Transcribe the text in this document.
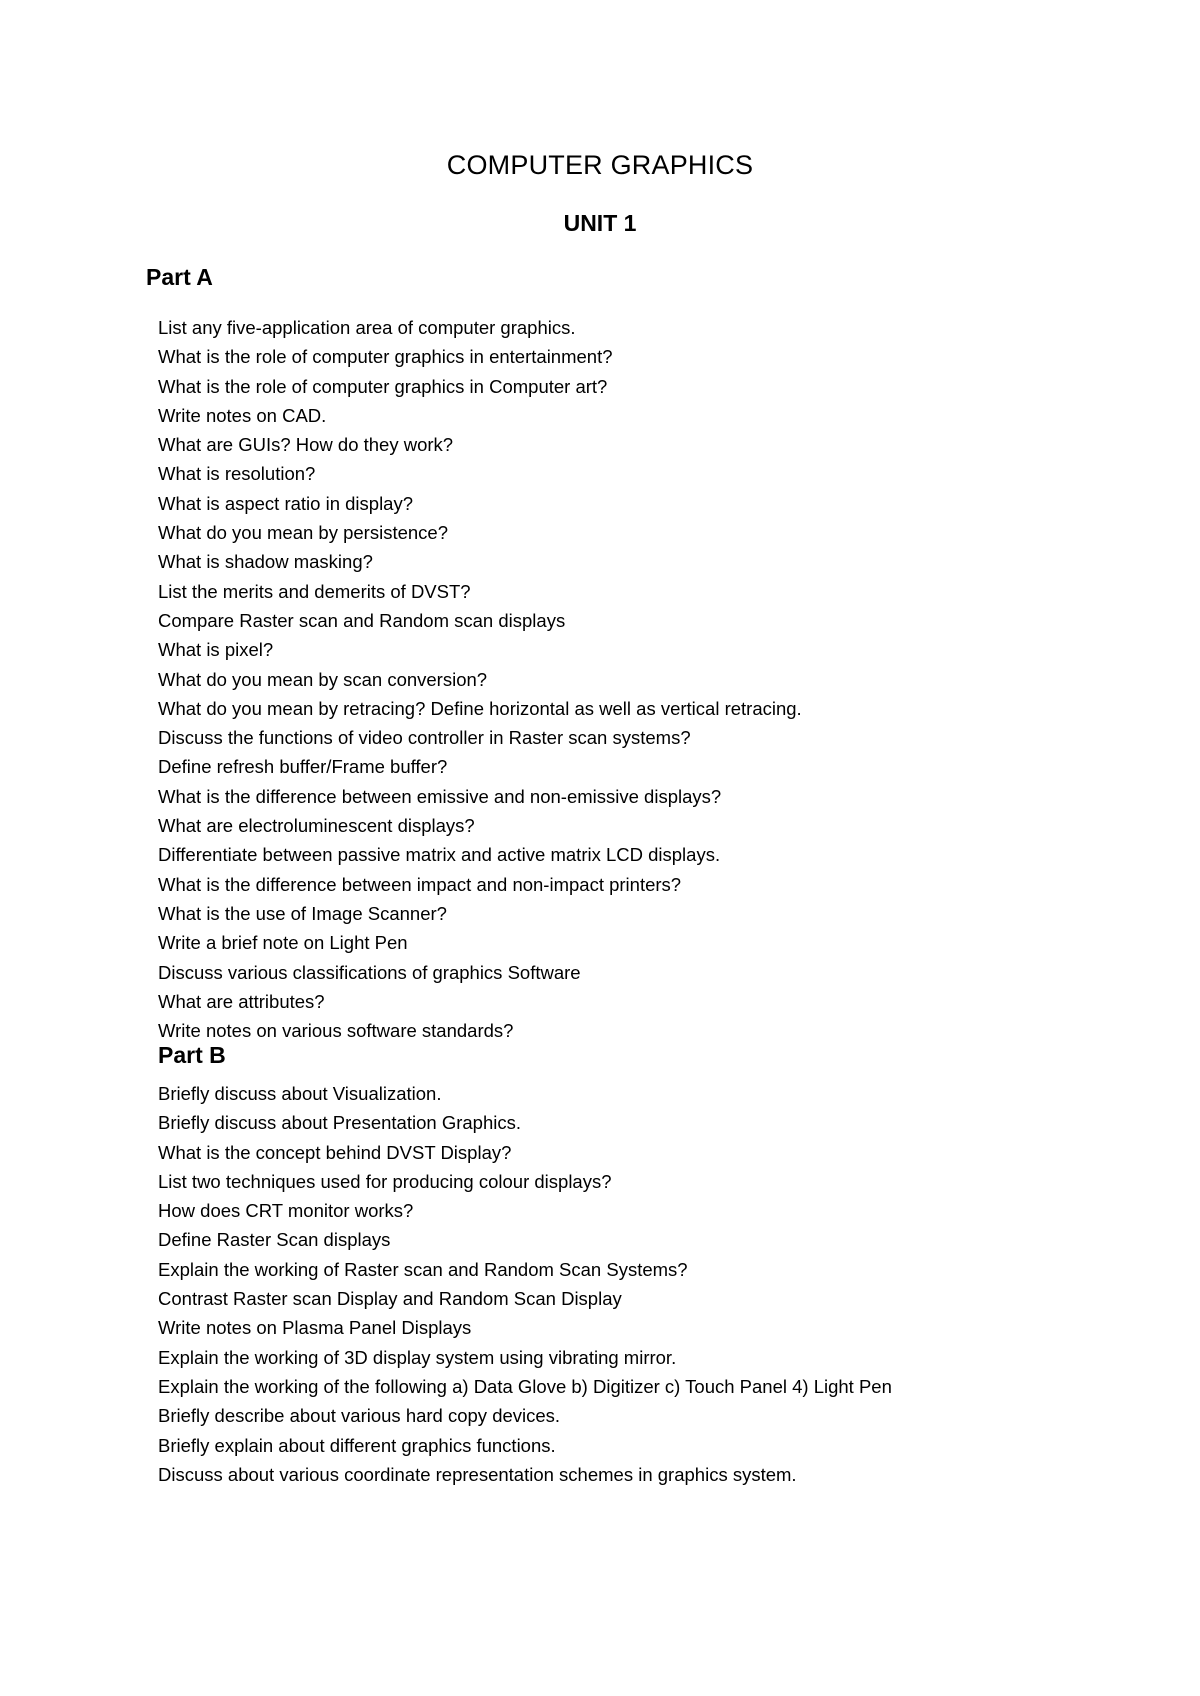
COMPUTER GRAPHICS
UNIT 1
Part A
List any five-application area of computer graphics.
What is the role of computer graphics in entertainment?
What is the role of computer graphics in Computer art?
Write notes on CAD.
What are GUIs? How do they work?
What is resolution?
What is aspect ratio in display?
What do you mean by persistence?
What is shadow masking?
List the merits and demerits of DVST?
Compare Raster scan and Random scan displays
What is pixel?
What do you mean by scan conversion?
What do you mean by retracing? Define horizontal as well as vertical retracing.
Discuss the functions of video controller in Raster scan systems?
Define refresh buffer/Frame buffer?
What is the difference between emissive and non-emissive displays?
What are electroluminescent displays?
Differentiate between passive matrix and active matrix LCD displays.
What is the difference between impact and non-impact printers?
What is the use of Image Scanner?
Write a brief note on Light Pen
Discuss various classifications of graphics Software
What are attributes?
Write notes on various software standards?
Part B
Briefly discuss about Visualization.
Briefly discuss about Presentation Graphics.
What is the concept behind DVST Display?
List two techniques used for producing colour displays?
How does CRT monitor works?
Define Raster Scan displays
Explain the working of Raster scan and Random Scan Systems?
Contrast Raster scan Display and Random Scan Display
Write notes on Plasma Panel Displays
Explain the working of 3D display system using vibrating mirror.
Explain the working of the following a) Data Glove b) Digitizer c) Touch Panel 4) Light Pen
Briefly describe about various hard copy devices.
Briefly explain about different graphics functions.
Discuss about various coordinate representation schemes in graphics system.
